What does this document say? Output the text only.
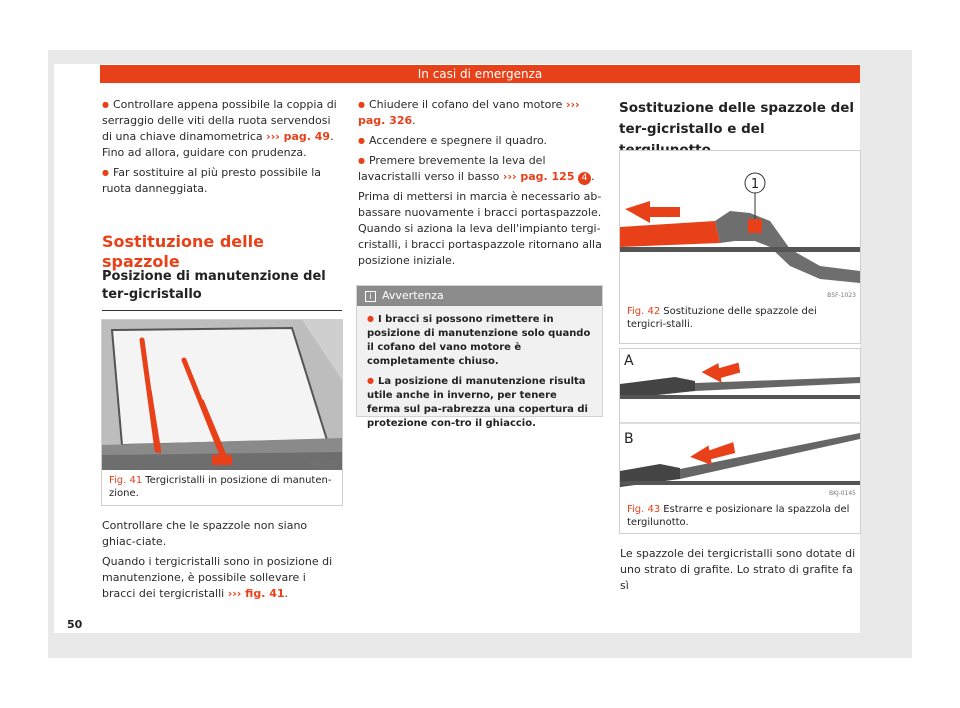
In casi di emergenza

● Controllare appena possibile la coppia di serraggio delle viti della ruota servendosi di una chiave dinamometrica ››› pag. 49. Fino ad allora, guidare con prudenza.

● Far sostituire al più presto possibile la ruota danneggiata.

Sostituzione delle spazzole
Posizione di manutenzione del ter-gicristallo
BKJ-0177
Fig. 41 Tergicristalli in posizione di manuten-zione.

Controllare che le spazzole non siano ghiac-ciate.

Quando i tergicristalli sono in posizione di manutenzione, è possibile sollevare i bracci dei tergicristalli ››› fig. 41.

50

● Chiudere il cofano del vano motore ››› pag. 326.

● Accendere e spegnere il quadro.

● Premere brevemente la leva del lavacristalli verso il basso ››› pag. 125 4 .

Prima di mettersi in marcia è necessario ab-bassare nuovamente i bracci portaspazzole. Quando si aziona la leva dell'impianto tergi-cristalli, i bracci portaspazzole ritornano alla posizione iniziale.

i Avvertenza

● I bracci si possono rimettere in posizione di manutenzione solo quando il cofano del vano motore è completamente chiuso.

● La posizione di manutenzione risulta utile anche in inverno, per tenere ferma sul pa-rabrezza una copertura di protezione con-tro il ghiaccio.

Sostituzione delle spazzole del ter-gicristallo e del
1
B5F-1023
Fig. 42 Sostituzione delle spazzole dei tergicri-stalli.
A
B
BKJ-0145
Fig. 43 Estrarre e posizionare la spazzola del tergilunotto.

Le spazzole dei tergicristalli sono dotate di uno strato di grafite. Lo strato di grafite fa sì
